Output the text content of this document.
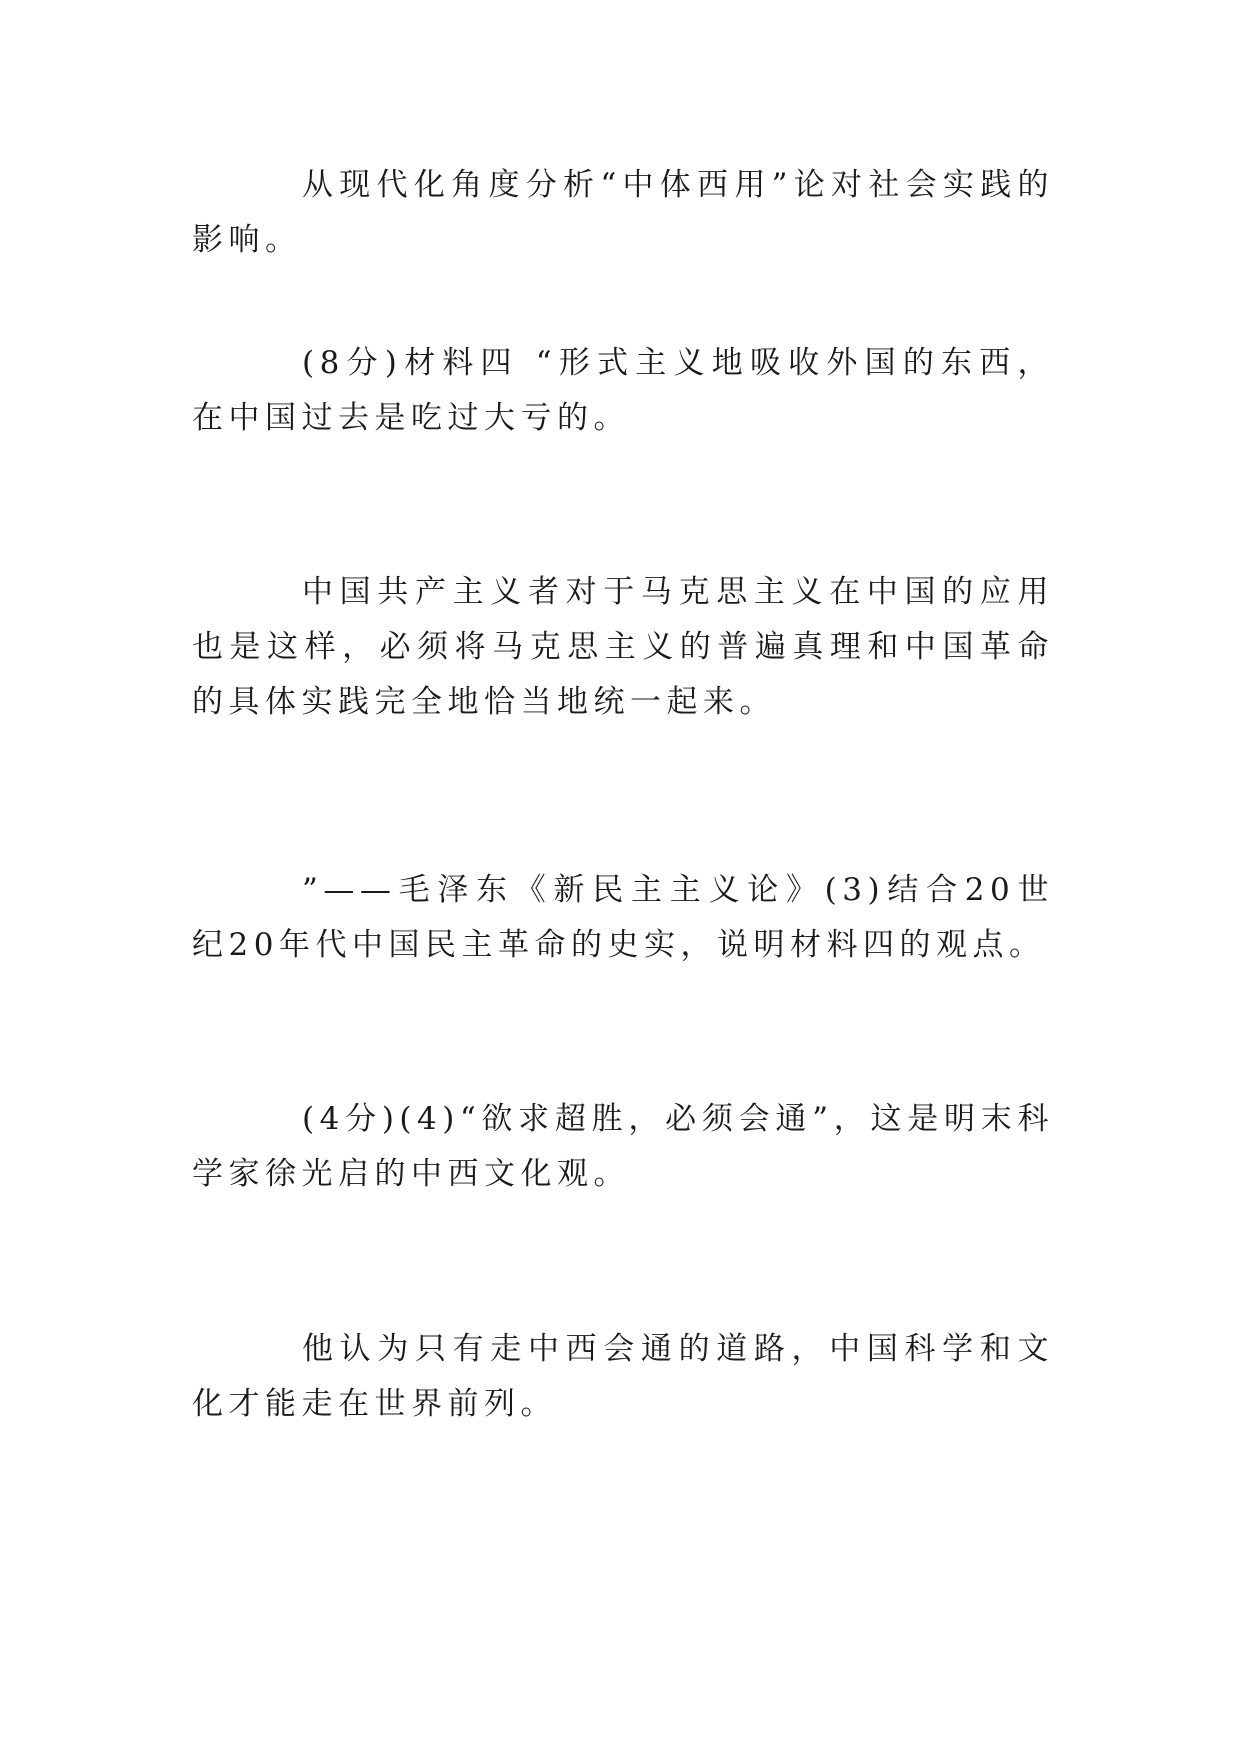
从现代化角度分析“中体西用”论对社会实践的影响。

(8分)材料四 “形式主义地吸收外国的东西，在中国过去是吃过大亏的。

中国共产主义者对于马克思主义在中国的应用也是这样，必须将马克思主义的普遍真理和中国革命的具体实践完全地恰当地统一起来。

”——毛泽东《新民主主义论》(3)结合20世纪20年代中国民主革命的史实，说明材料四的观点。

(4分)(4)“欲求超胜，必须会通”，这是明末科学家徐光启的中西文化观。

他认为只有走中西会通的道路，中国科学和文化才能走在世界前列。
